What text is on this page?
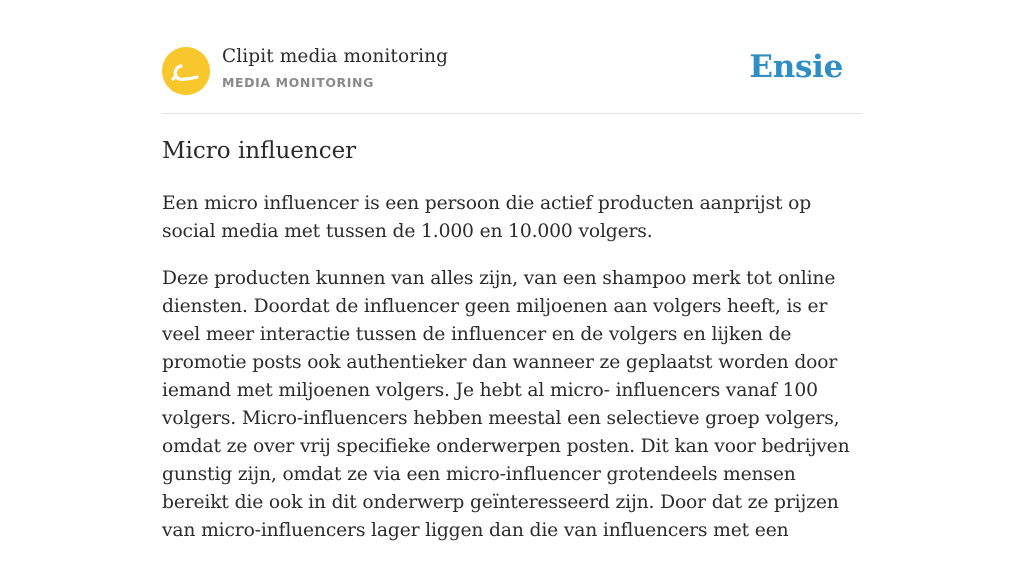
Clipit media monitoring
MEDIA MONITORING	Ensie
Micro influencer

Een micro influencer is een persoon die actief producten aanprijst op social media met tussen de 1.000 en 10.000 volgers.

Deze producten kunnen van alles zijn, van een shampoo merk tot online diensten. Doordat de influencer geen miljoenen aan volgers heeft, is er veel meer interactie tussen de influencer en de volgers en lijken de promotie posts ook authentieker dan wanneer ze geplaatst worden door iemand met miljoenen volgers. Je hebt al micro- influencers vanaf 100 volgers. Micro-influencers hebben meestal een selectieve groep volgers, omdat ze over vrij specifieke onderwerpen posten. Dit kan voor bedrijven gunstig zijn, omdat ze via een micro-influencer grotendeels mensen bereikt die ook in dit onderwerp geïnteresseerd zijn. Door dat ze prijzen van micro-influencers lager liggen dan die van influencers met een
